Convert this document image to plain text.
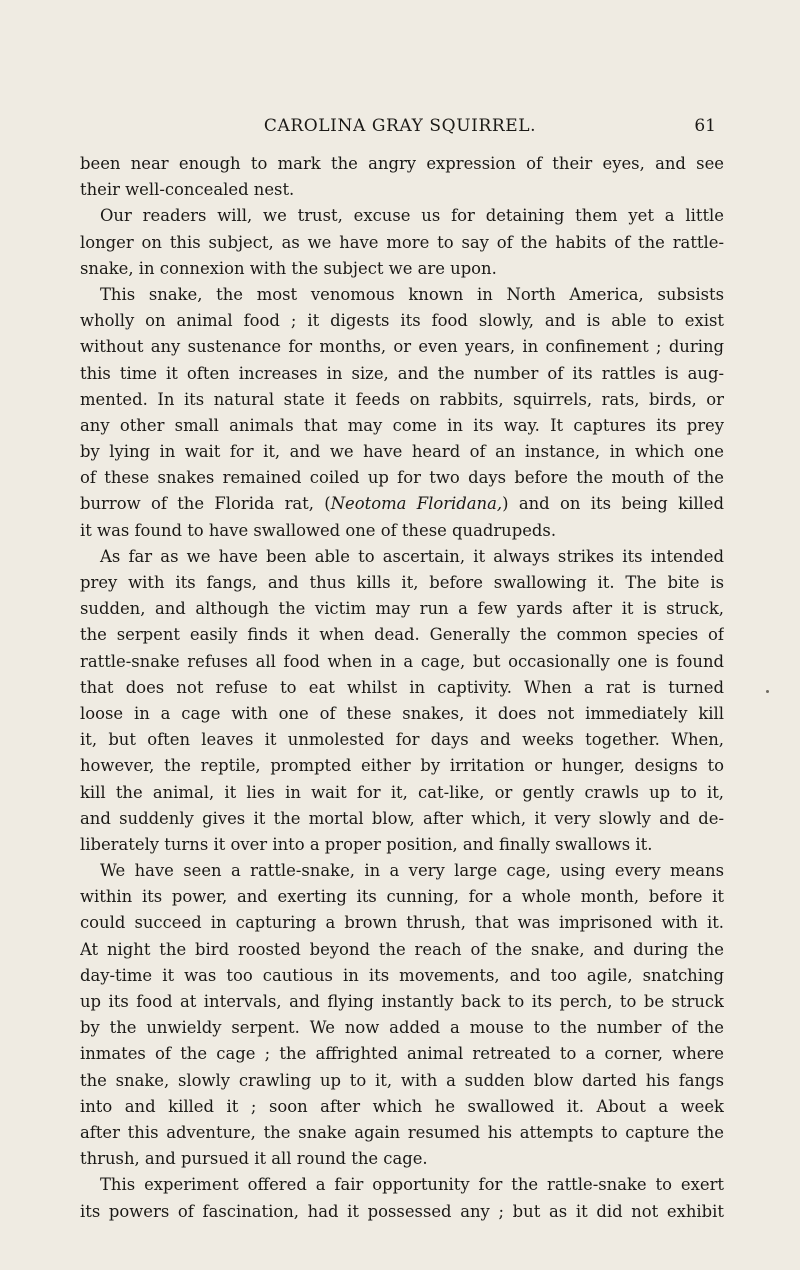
CAROLINA GRAY SQUIRREL.	61
been near enough to mark the angry expression of their eyes, and see
their well-concealed nest.
Our readers will, we trust, excuse us for detaining them yet a little
longer on this subject, as we have more to say of the habits of the rattle-
snake, in connexion with the subject we are upon.
This snake, the most venomous known in North America, subsists
wholly on animal food ; it digests its food slowly, and is able to exist
without any sustenance for months, or even years, in confinement ; during
this time it often increases in size, and the number of its rattles is aug-
mented. In its natural state it feeds on rabbits, squirrels, rats, birds, or
any other small animals that may come in its way. It captures its prey
by lying in wait for it, and we have heard of an instance, in which one
of these snakes remained coiled up for two days before the mouth of the
burrow of the Florida rat, (Neotoma Floridana,) and on its being killed
it was found to have swallowed one of these quadrupeds.
As far as we have been able to ascertain, it always strikes its intended
prey with its fangs, and thus kills it, before swallowing it. The bite is
sudden, and although the victim may run a few yards after it is struck,
the serpent easily finds it when dead. Generally the common species of
rattle-snake refuses all food when in a cage, but occasionally one is found
that does not refuse to eat whilst in captivity. When a rat is turned
loose in a cage with one of these snakes, it does not immediately kill
it, but often leaves it unmolested for days and weeks together. When,
however, the reptile, prompted either by irritation or hunger, designs to
kill the animal, it lies in wait for it, cat-like, or gently crawls up to it,
and suddenly gives it the mortal blow, after which, it very slowly and de-
liberately turns it over into a proper position, and finally swallows it.
We have seen a rattle-snake, in a very large cage, using every means
within its power, and exerting its cunning, for a whole month, before it
could succeed in capturing a brown thrush, that was imprisoned with it.
At night the bird roosted beyond the reach of the snake, and during the
day-time it was too cautious in its movements, and too agile, snatching
up its food at intervals, and flying instantly back to its perch, to be struck
by the unwieldy serpent. We now added a mouse to the number of the
inmates of the cage ; the affrighted animal retreated to a corner, where
the snake, slowly crawling up to it, with a sudden blow darted his fangs
into and killed it ; soon after which he swallowed it. About a week
after this adventure, the snake again resumed his attempts to capture the
thrush, and pursued it all round the cage.
This experiment offered a fair opportunity for the rattle-snake to exert
its powers of fascination, had it possessed any ; but as it did not exhibit
